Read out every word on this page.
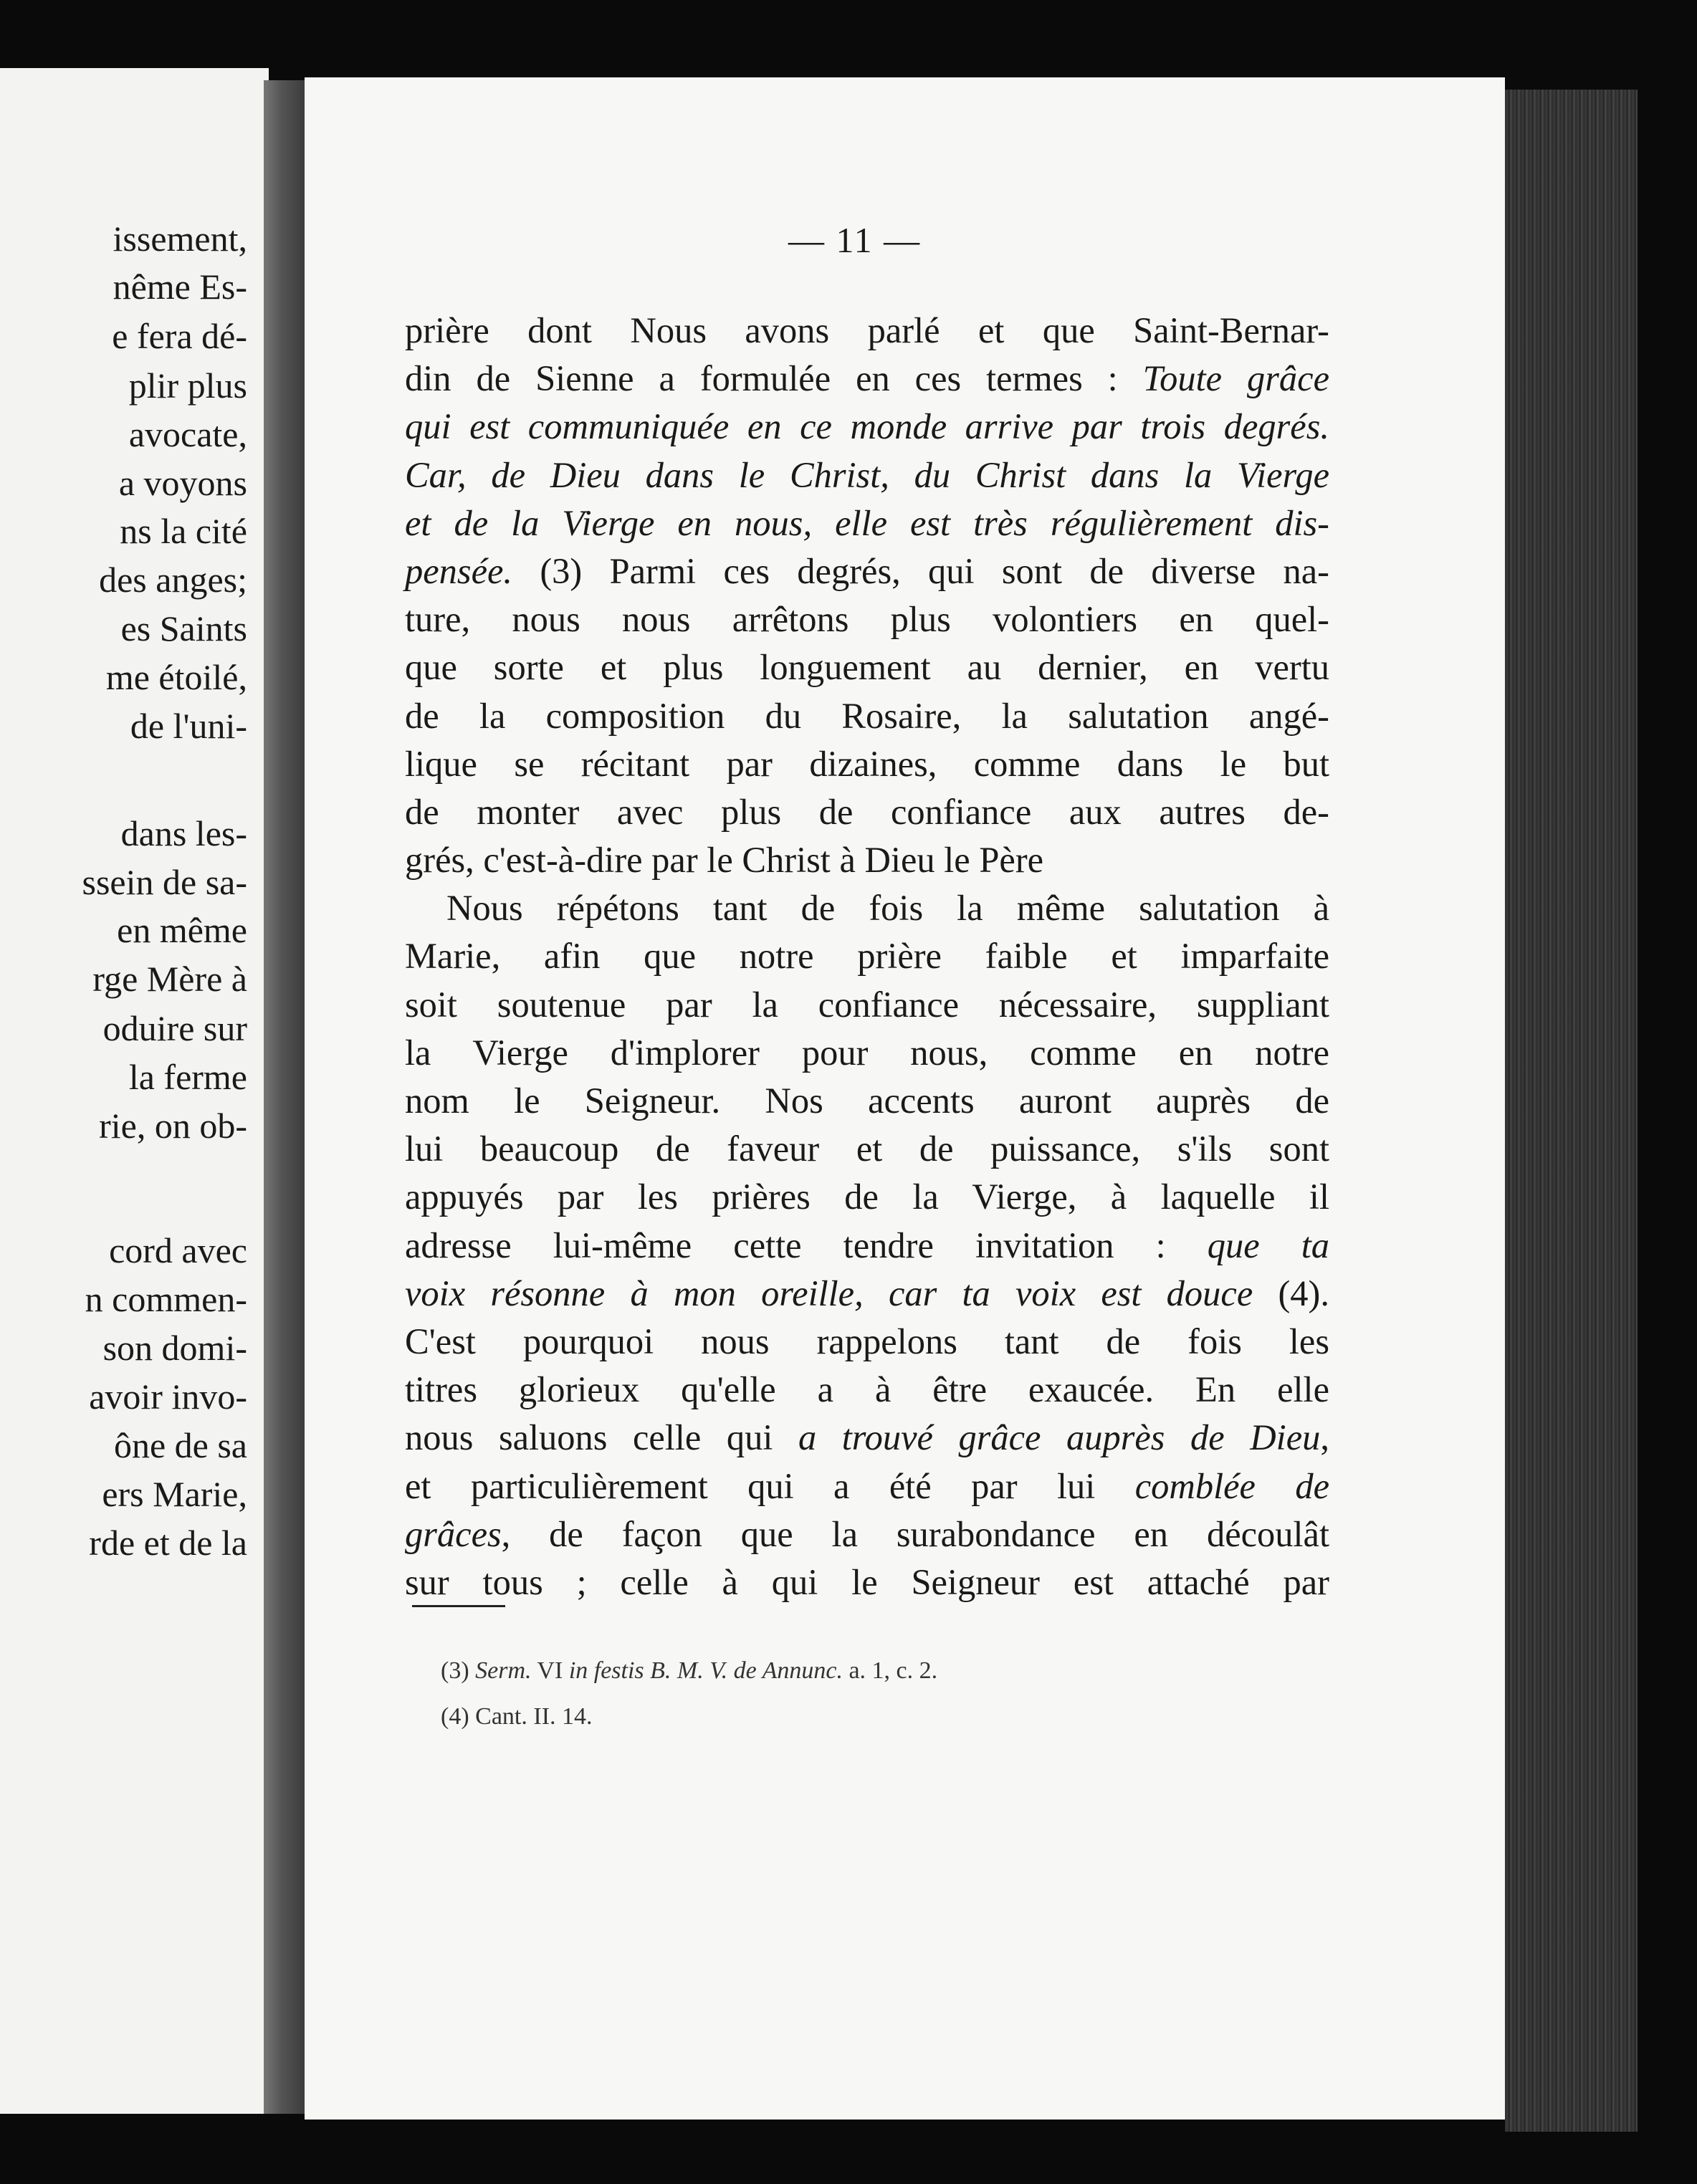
issement,
nême Es-
e fera dé-
plir plus
avocate,
a voyons
ns la cité
des anges;
es Saints
me étoilé,
de l'uni-
dans les-
ssein de sa-
en même
rge Mère à
oduire sur
la ferme
rie, on ob-
cord avec
n commen-
son domi-
avoir invo-
ône de sa
ers Marie,
rde et de la
— 11 —
prière dont Nous avons parlé et que Saint-Bernar-
din de Sienne a formulée en ces termes : Toute grâce
qui est communiquée en ce monde arrive par trois degrés.
Car, de Dieu dans le Christ, du Christ dans la Vierge
et de la Vierge en nous, elle est très régulièrement dis-
pensée. (3) Parmi ces degrés, qui sont de diverse na-
ture, nous nous arrêtons plus volontiers en quel-
que sorte et plus longuement au dernier, en vertu
de la composition du Rosaire, la salutation angé-
lique se récitant par dizaines, comme dans le but
de monter avec plus de confiance aux autres de-
grés, c'est-à-dire par le Christ à Dieu le Père
Nous répétons tant de fois la même salutation à
Marie, afin que notre prière faible et imparfaite
soit soutenue par la confiance nécessaire, suppliant
la Vierge d'implorer pour nous, comme en notre
nom le Seigneur. Nos accents auront auprès de
lui beaucoup de faveur et de puissance, s'ils sont
appuyés par les prières de la Vierge, à laquelle il
adresse lui-même cette tendre invitation : que ta
voix résonne à mon oreille, car ta voix est douce (4).
C'est pourquoi nous rappelons tant de fois les
titres glorieux qu'elle a à être exaucée. En elle
nous saluons celle qui a trouvé grâce auprès de Dieu,
et particulièrement qui a été par lui comblée de
grâces, de façon que la surabondance en découlât
sur tous ; celle à qui le Seigneur est attaché par
(3) Serm. VI in festis B. M. V. de Annunc. a. 1, c. 2.
(4) Cant. II. 14.
